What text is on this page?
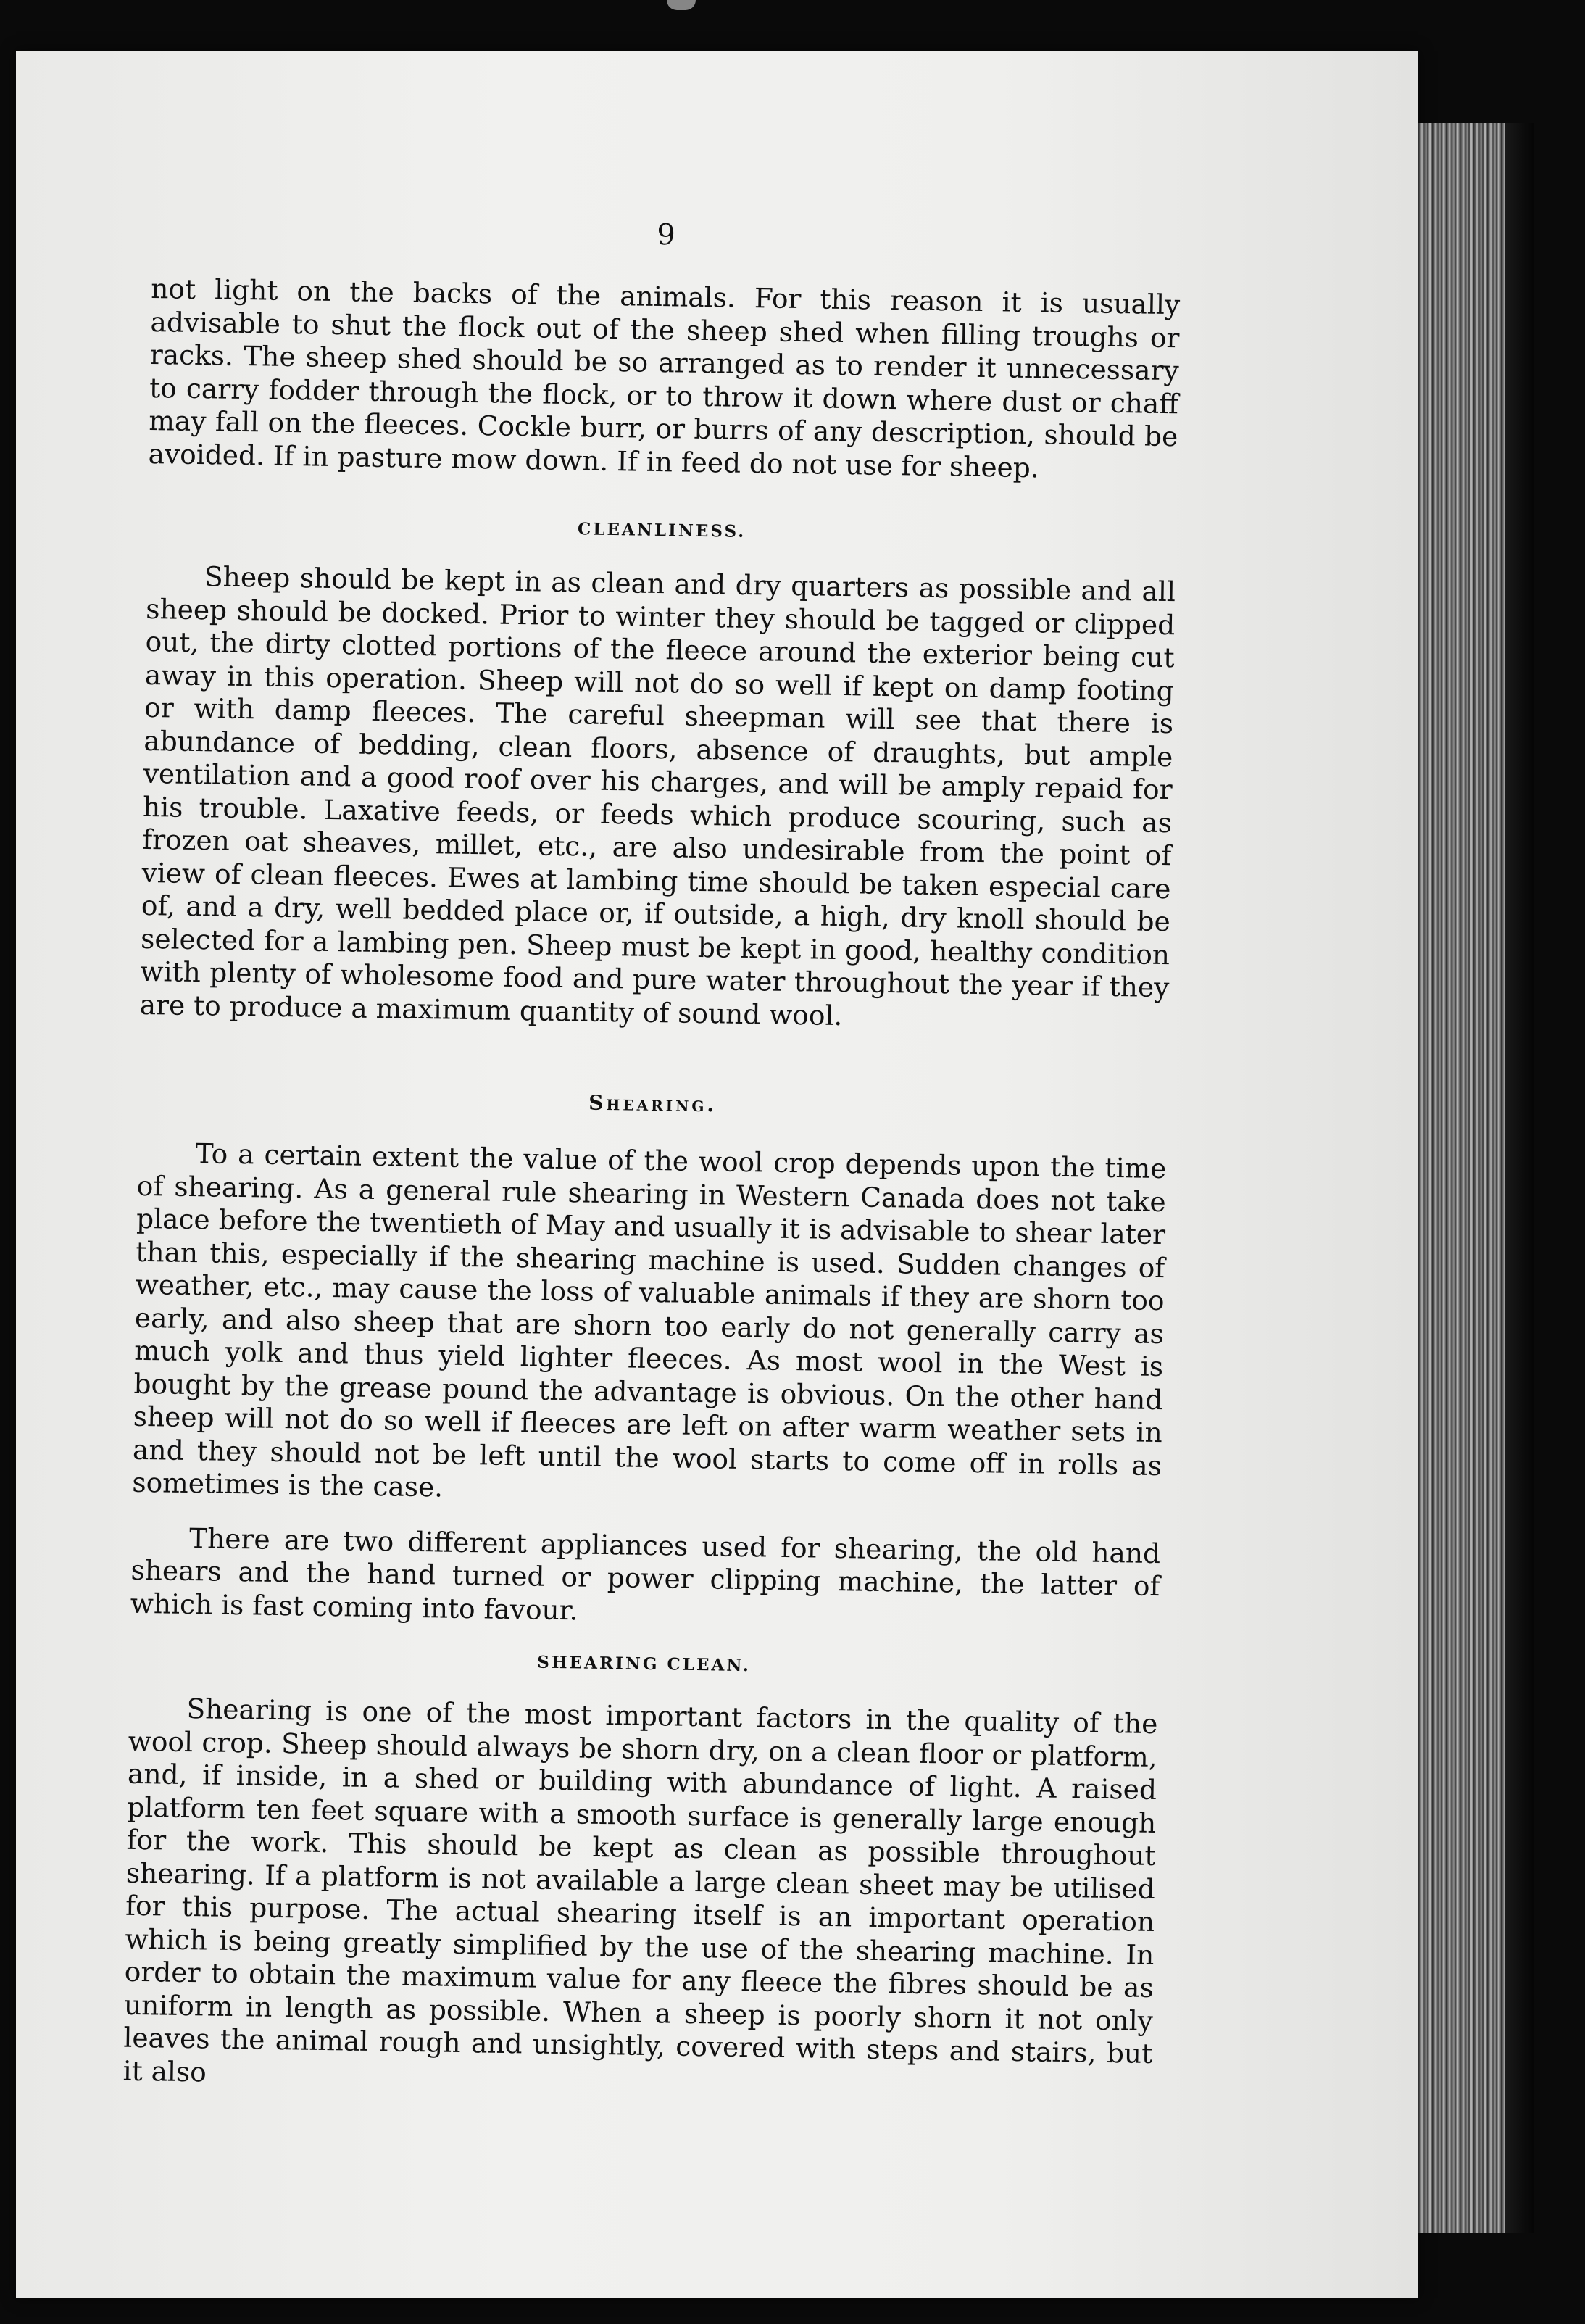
9

not light on the backs of the animals. For this reason it is usually advisable to shut the flock out of the sheep shed when filling troughs or racks. The sheep shed should be so arranged as to render it unnecessary to carry fodder through the flock, or to throw it down where dust or chaff may fall on the fleeces. Cockle burr, or burrs of any description, should be avoided. If in pasture mow down. If in feed do not use for sheep.

CLEANLINESS.

Sheep should be kept in as clean and dry quarters as possible and all sheep should be docked. Prior to winter they should be tagged or clipped out, the dirty clotted portions of the fleece around the exterior being cut away in this operation. Sheep will not do so well if kept on damp footing or with damp fleeces. The careful sheepman will see that there is abundance of bedding, clean floors, absence of draughts, but ample ventilation and a good roof over his charges, and will be amply repaid for his trouble. Laxative feeds, or feeds which produce scouring, such as frozen oat sheaves, millet, etc., are also undesirable from the point of view of clean fleeces. Ewes at lambing time should be taken especial care of, and a dry, well bedded place or, if outside, a high, dry knoll should be selected for a lambing pen. Sheep must be kept in good, healthy condition with plenty of wholesome food and pure water throughout the year if they are to produce a maximum quantity of sound wool.

Shearing.

To a certain extent the value of the wool crop depends upon the time of shearing. As a general rule shearing in Western Canada does not take place before the twentieth of May and usually it is advisable to shear later than this, especially if the shearing machine is used. Sudden changes of weather, etc., may cause the loss of valuable animals if they are shorn too early, and also sheep that are shorn too early do not generally carry as much yolk and thus yield lighter fleeces. As most wool in the West is bought by the grease pound the advantage is obvious. On the other hand sheep will not do so well if fleeces are left on after warm weather sets in and they should not be left until the wool starts to come off in rolls as sometimes is the case.

There are two different appliances used for shearing, the old hand shears and the hand turned or power clipping machine, the latter of which is fast coming into favour.

SHEARING CLEAN.

Shearing is one of the most important factors in the quality of the wool crop. Sheep should always be shorn dry, on a clean floor or platform, and, if inside, in a shed or building with abundance of light. A raised platform ten feet square with a smooth surface is generally large enough for the work. This should be kept as clean as possible throughout shearing. If a platform is not available a large clean sheet may be utilised for this purpose. The actual shearing itself is an important operation which is being greatly simplified by the use of the shearing machine. In order to obtain the maximum value for any fleece the fibres should be as uniform in length as possible. When a sheep is poorly shorn it not only leaves the animal rough and unsightly, covered with steps and stairs, but it also
